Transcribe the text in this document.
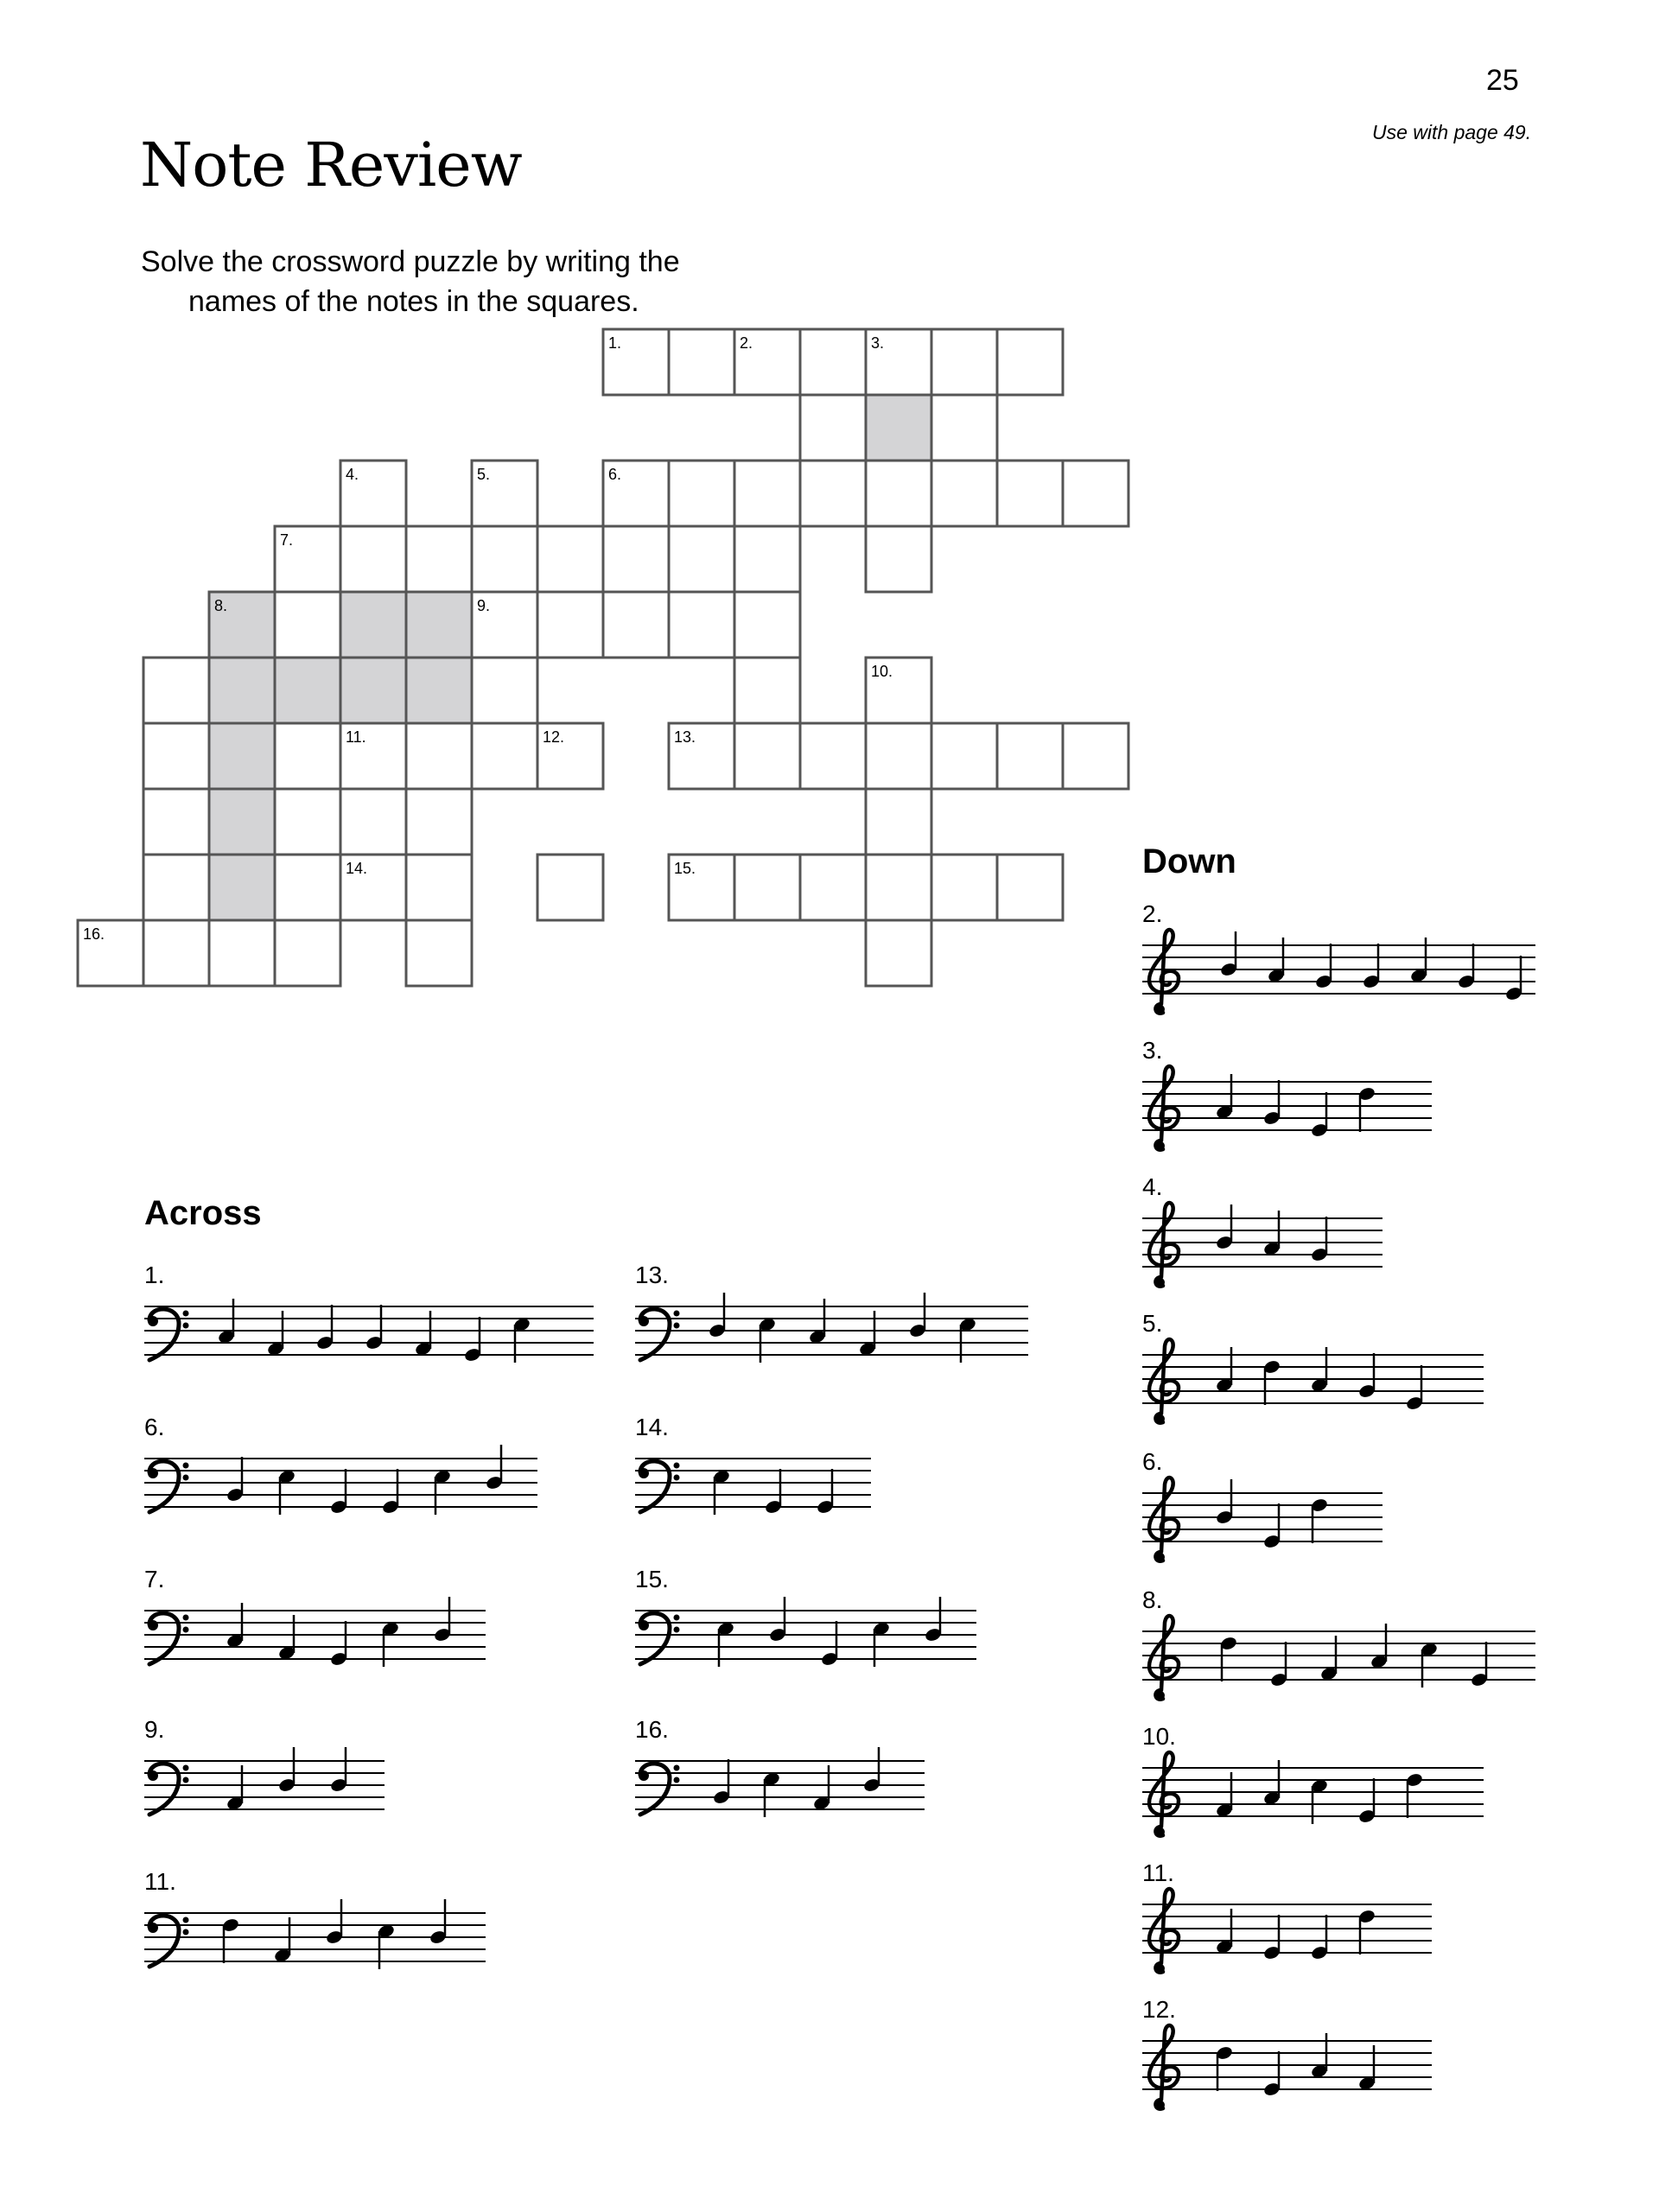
25
Use with page 49.
Note Review
Solve the crossword puzzle by writing the
names of the notes in the squares.
1.	2.	3.
4.	5.	6.
7.
8.	9.
10.
11.	12.	13.
14.	15.
16.
Across
Down
1.	13.
6.	14.
7.	15.
9.	16.
11.
2.
3.
4.
5.
6.
8.
10.
11.
12.
